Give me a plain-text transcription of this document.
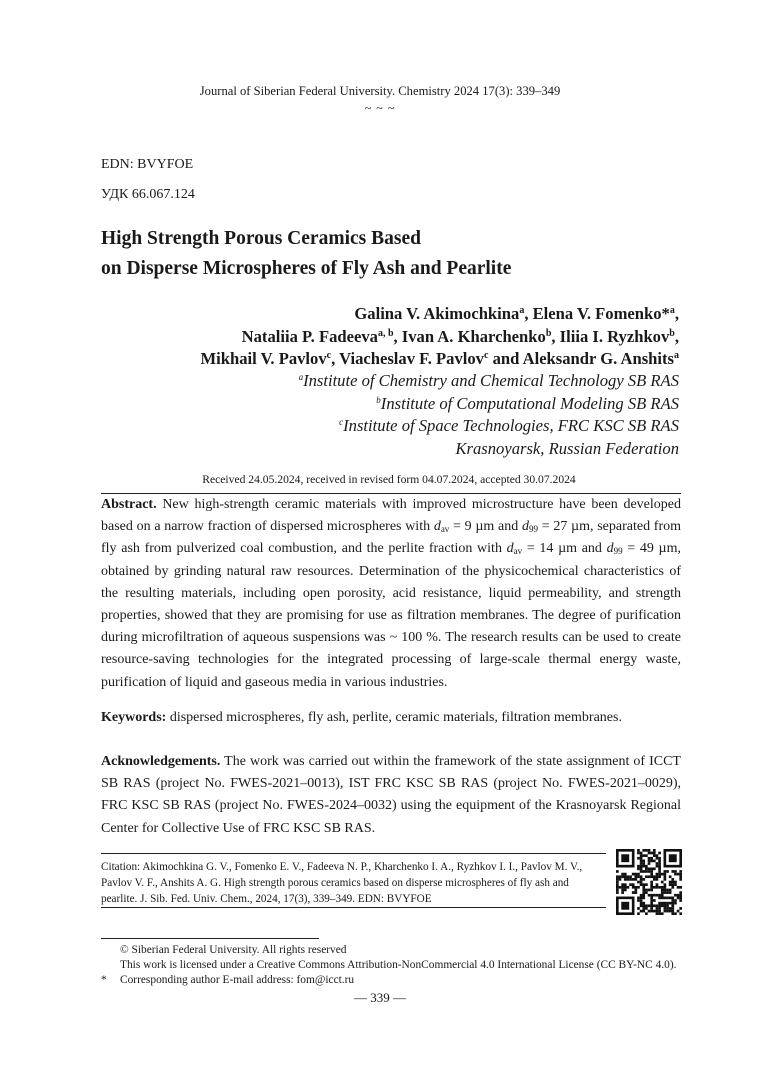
Journal of Siberian Federal University. Chemistry 2024 17(3): 339–349
~ ~ ~
EDN: BVYFOE
УДК 66.067.124
High Strength Porous Ceramics Based
on Disperse Microspheres of Fly Ash and Pearlite
Galina V. Akimochkina$^a$, Elena V. Fomenko*$^a$,
Nataliia P. Fadeeva$^{a, b}$, Ivan A. Kharchenko$^b$, Iliia I. Ryzhkov$^b$,
Mikhail V. Pavlov$^c$, Viacheslav F. Pavlov$^c$ and Aleksandr G. Anshits$^a$
$^a$Institute of Chemistry and Chemical Technology SB RAS
$^b$Institute of Computational Modeling SB RAS
$^c$Institute of Space Technologies, FRC KSC SB RAS
Krasnoyarsk, Russian Federation
Received 24.05.2024, received in revised form 04.07.2024, accepted 30.07.2024
Abstract. New high-strength ceramic materials with improved microstructure have been developed based on a narrow fraction of dispersed microspheres with $d_{av} = 9$ µm and $d_{99} = 27$ µm, separated from fly ash from pulverized coal combustion, and the perlite fraction with $d_{av} = 14$ µm and $d_{99} = 49$ µm, obtained by grinding natural raw resources. Determination of the physicochemical characteristics of the resulting materials, including open porosity, acid resistance, liquid permeability, and strength properties, showed that they are promising for use as filtration membranes. The degree of purification during microfiltration of aqueous suspensions was ~ 100 %. The research results can be used to create resource-saving technologies for the integrated processing of large-scale thermal energy waste, purification of liquid and gaseous media in various industries.
Keywords: dispersed microspheres, fly ash, perlite, ceramic materials, filtration membranes.
Acknowledgements. The work was carried out within the framework of the state assignment of ICCT SB RAS (project No. FWES-2021–0013), IST FRC KSC SB RAS (project No. FWES-2021–0029), FRC KSC SB RAS (project No. FWES-2024–0032) using the equipment of the Krasnoyarsk Regional Center for Collective Use of FRC KSC SB RAS.
Citation: Akimochkina G. V., Fomenko E. V., Fadeeva N. P., Kharchenko I. A., Ryzhkov I. I., Pavlov M. V., Pavlov V. F., Anshits A. G. High strength porous ceramics based on disperse microspheres of fly ash and pearlite. J. Sib. Fed. Univ. Chem., 2024, 17(3), 339–349. EDN: BVYFOE
© Siberian Federal University. All rights reserved
This work is licensed under a Creative Commons Attribution-NonCommercial 4.0 International License (CC BY-NC 4.0).
* Corresponding author E-mail address: fom@icct.ru
— 339 —
